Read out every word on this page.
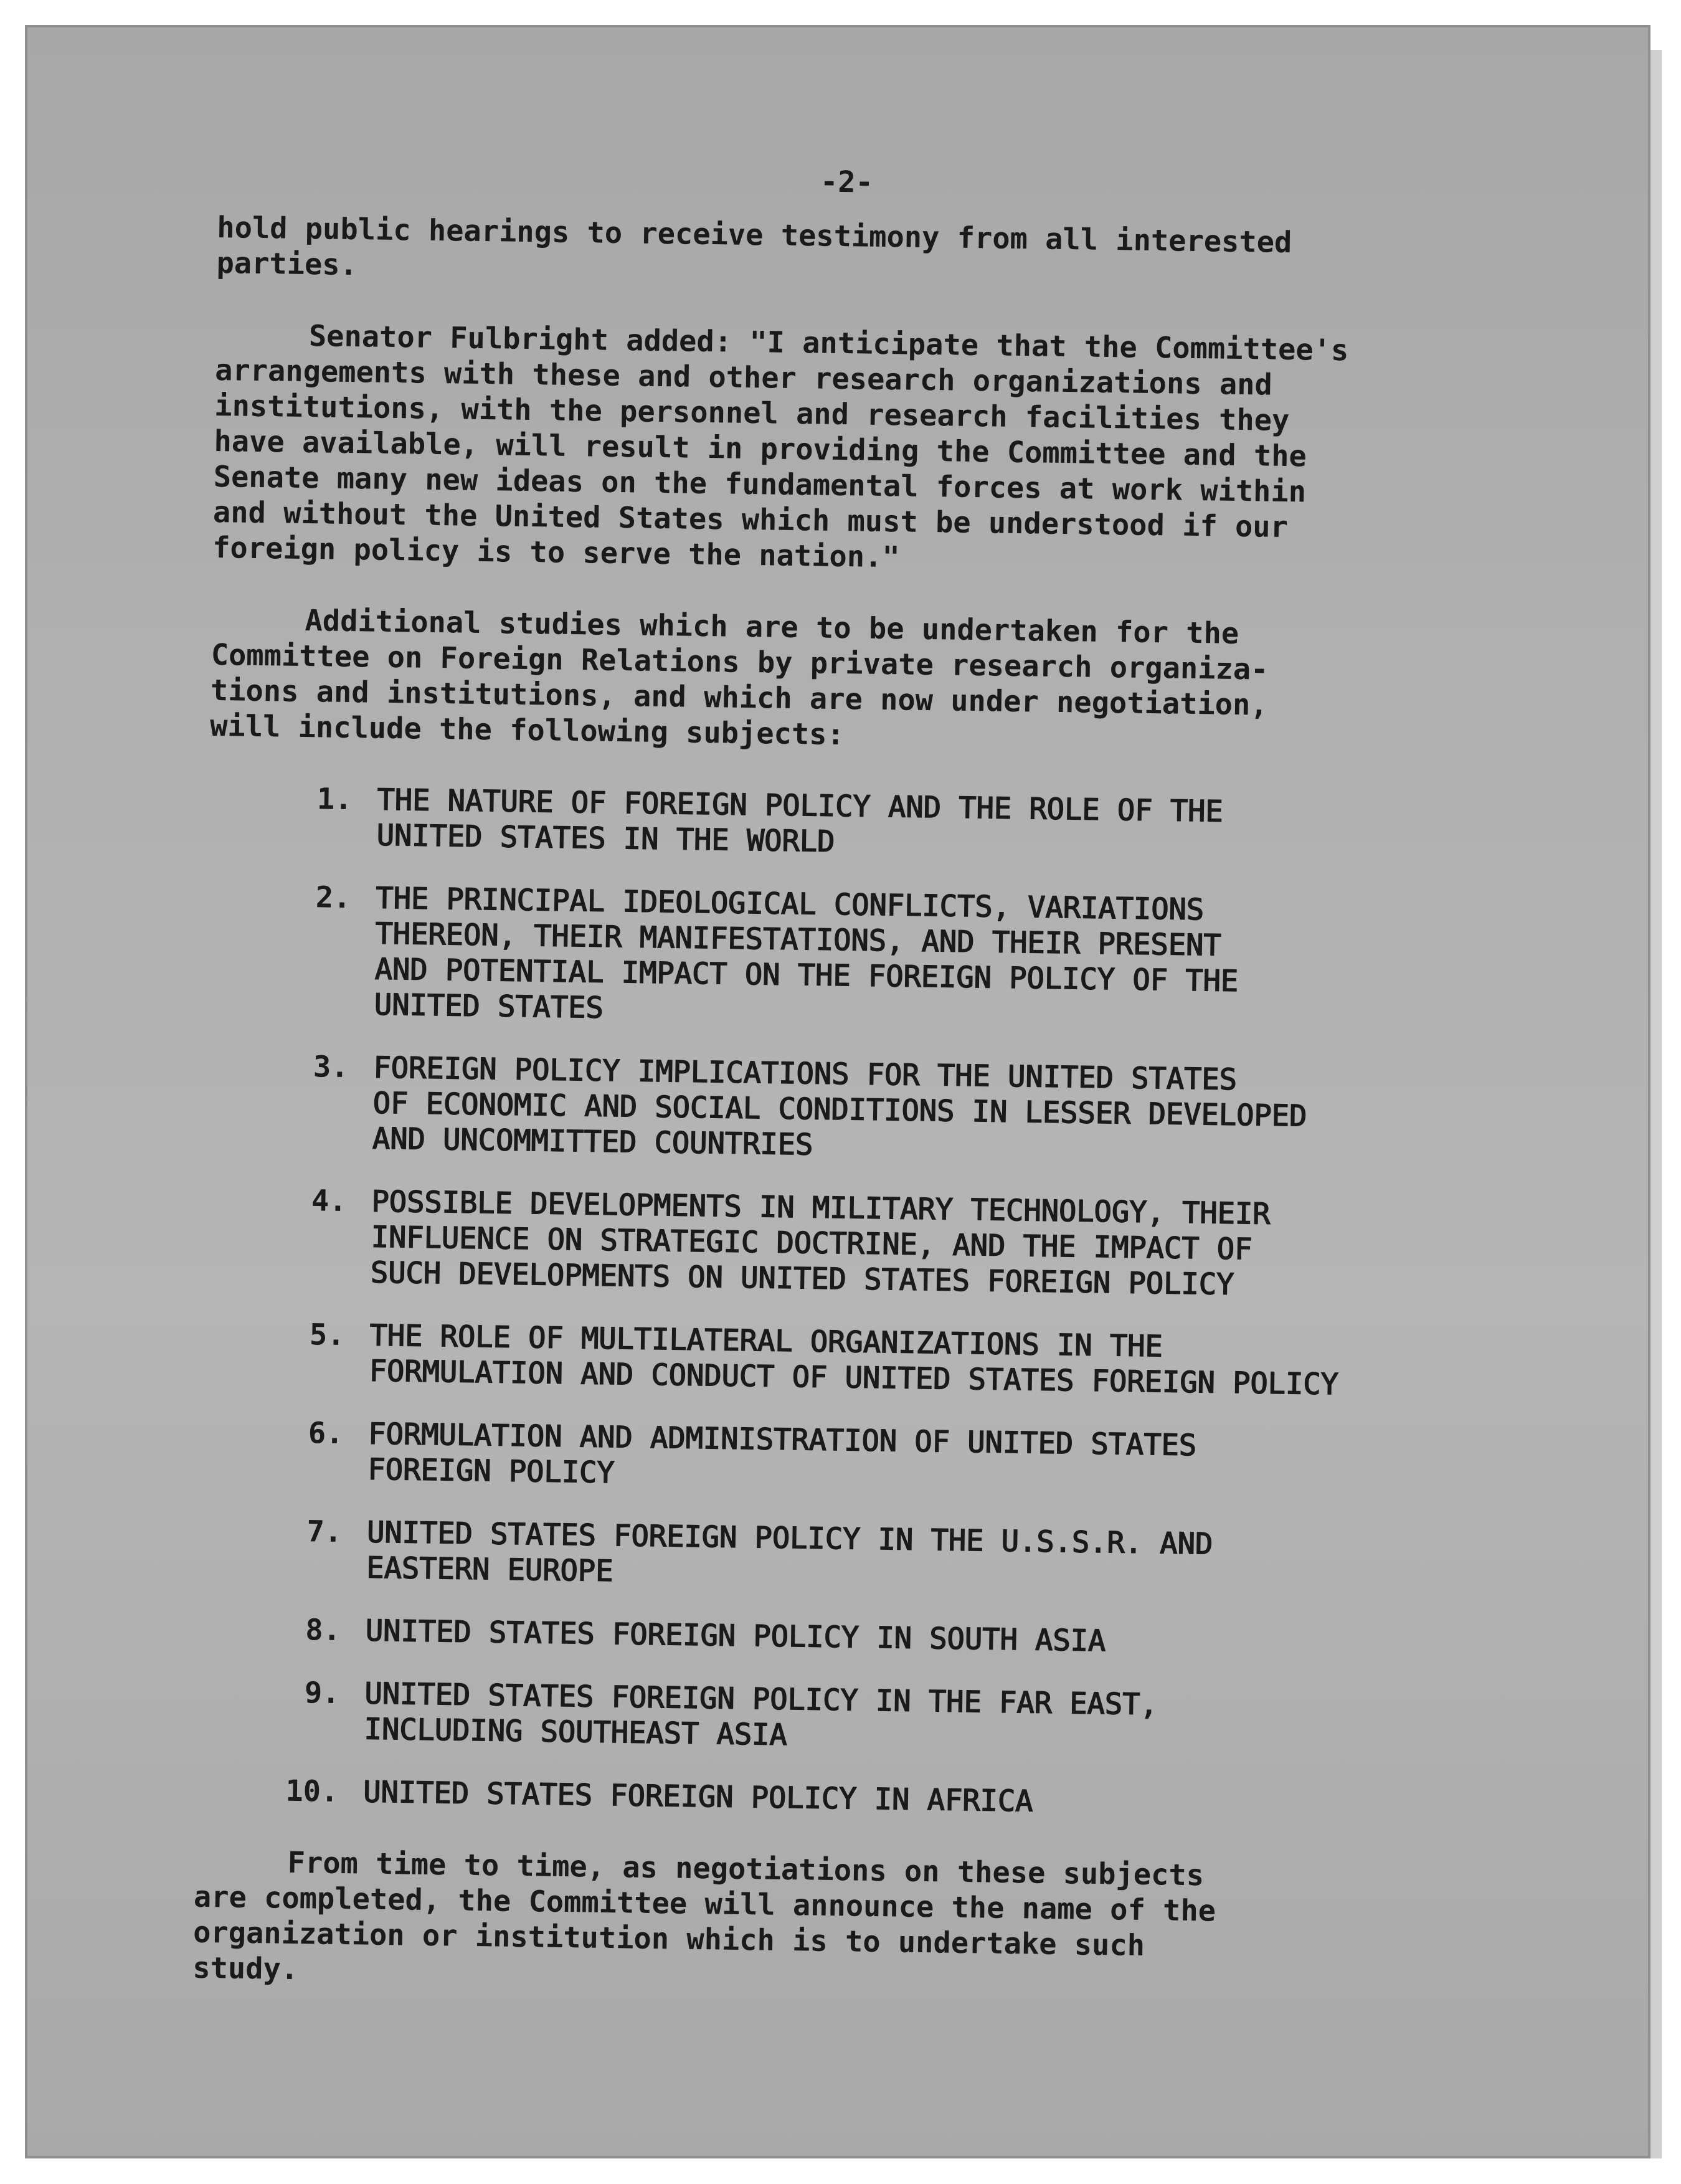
-2-

hold public hearings to receive testimony from all interested
parties.

Senator Fulbright added: "I anticipate that the Committee's
arrangements with these and other research organizations and
institutions, with the personnel and research facilities they
have available, will result in providing the Committee and the
Senate many new ideas on the fundamental forces at work within
and without the United States which must be understood if our
foreign policy is to serve the nation."

Additional studies which are to be undertaken for the
Committee on Foreign Relations by private research organiza-
tions and institutions, and which are now under negotiation,
will include the following subjects:

1. THE NATURE OF FOREIGN POLICY AND THE ROLE OF THE
UNITED STATES IN THE WORLD
2. THE PRINCIPAL IDEOLOGICAL CONFLICTS, VARIATIONS
THEREON, THEIR MANIFESTATIONS, AND THEIR PRESENT
AND POTENTIAL IMPACT ON THE FOREIGN POLICY OF THE
UNITED STATES
3. FOREIGN POLICY IMPLICATIONS FOR THE UNITED STATES
OF ECONOMIC AND SOCIAL CONDITIONS IN LESSER DEVELOPED
AND UNCOMMITTED COUNTRIES
4. POSSIBLE DEVELOPMENTS IN MILITARY TECHNOLOGY, THEIR
INFLUENCE ON STRATEGIC DOCTRINE, AND THE IMPACT OF
SUCH DEVELOPMENTS ON UNITED STATES FOREIGN POLICY
5. THE ROLE OF MULTILATERAL ORGANIZATIONS IN THE
FORMULATION AND CONDUCT OF UNITED STATES FOREIGN POLICY
6. FORMULATION AND ADMINISTRATION OF UNITED STATES
FOREIGN POLICY
7. UNITED STATES FOREIGN POLICY IN THE U.S.S.R. AND
EASTERN EUROPE
8. UNITED STATES FOREIGN POLICY IN SOUTH ASIA
9. UNITED STATES FOREIGN POLICY IN THE FAR EAST,
INCLUDING SOUTHEAST ASIA
10. UNITED STATES FOREIGN POLICY IN AFRICA

From time to time, as negotiations on these subjects
are completed, the Committee will announce the name of the
organization or institution which is to undertake such
study.
